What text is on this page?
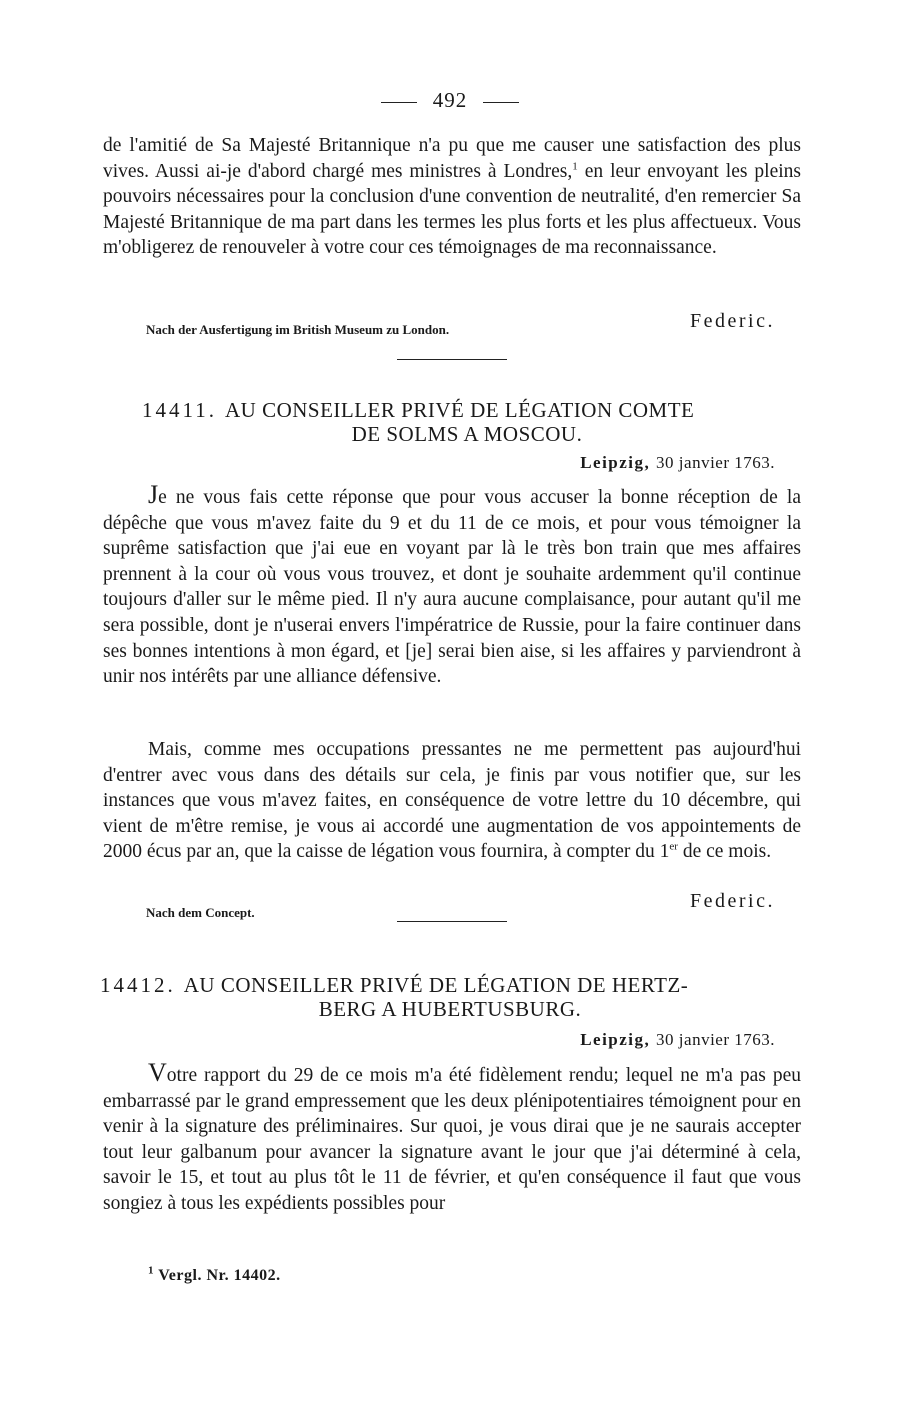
492

de l'amitié de Sa Majesté Britannique n'a pu que me causer une satisfaction des plus vives. Aussi ai-je d'abord chargé mes ministres à Londres,$^1$ en leur envoyant les pleins pouvoirs nécessaires pour la conclusion d'une convention de neutralité, d'en remercier Sa Majesté Britannique de ma part dans les termes les plus forts et les plus affectueux. Vous m'obligerez de renouveler à votre cour ces témoignages de ma reconnaissance.

Nach der Ausfertigung im British Museum zu London.	Federic.
14411. AU CONSEILLER PRIVÉ DE LÉGATION COMTE
DE SOLMS A MOSCOU.
Leipzig, 30 janvier 1763.

Je ne vous fais cette réponse que pour vous accuser la bonne réception de la dépêche que vous m'avez faite du 9 et du 11 de ce mois, et pour vous témoigner la suprême satisfaction que j'ai eue en voyant par là le très bon train que mes affaires prennent à la cour où vous vous trouvez, et dont je souhaite ardemment qu'il continue toujours d'aller sur le même pied. Il n'y aura aucune complaisance, pour autant qu'il me sera possible, dont je n'userai envers l'impératrice de Russie, pour la faire continuer dans ses bonnes intentions à mon égard, et [je] serai bien aise, si les affaires y parviendront à unir nos intérêts par une alliance défensive.

Mais, comme mes occupations pressantes ne me permettent pas aujourd'hui d'entrer avec vous dans des détails sur cela, je finis par vous notifier que, sur les instances que vous m'avez faites, en conséquence de votre lettre du 10 décembre, qui vient de m'être remise, je vous ai accordé une augmentation de vos appointements de 2000 écus par an, que la caisse de légation vous fournira, à compter du 1er de ce mois.

Nach dem Concept.
Federic.
14412. AU CONSEILLER PRIVÉ DE LÉGATION DE HERTZ-
BERG A HUBERTUSBURG.
Leipzig, 30 janvier 1763.

Votre rapport du 29 de ce mois m'a été fidèlement rendu; lequel ne m'a pas peu embarrassé par le grand empressement que les deux plénipotentiaires témoignent pour en venir à la signature des préliminaires. Sur quoi, je vous dirai que je ne saurais accepter tout leur galbanum pour avancer la signature avant le jour que j'ai déterminé à cela, savoir le 15, et tout au plus tôt le 11 de février, et qu'en conséquence il faut que vous songiez à tous les expédients possibles pour

$^1$ Vergl. Nr. 14402.
